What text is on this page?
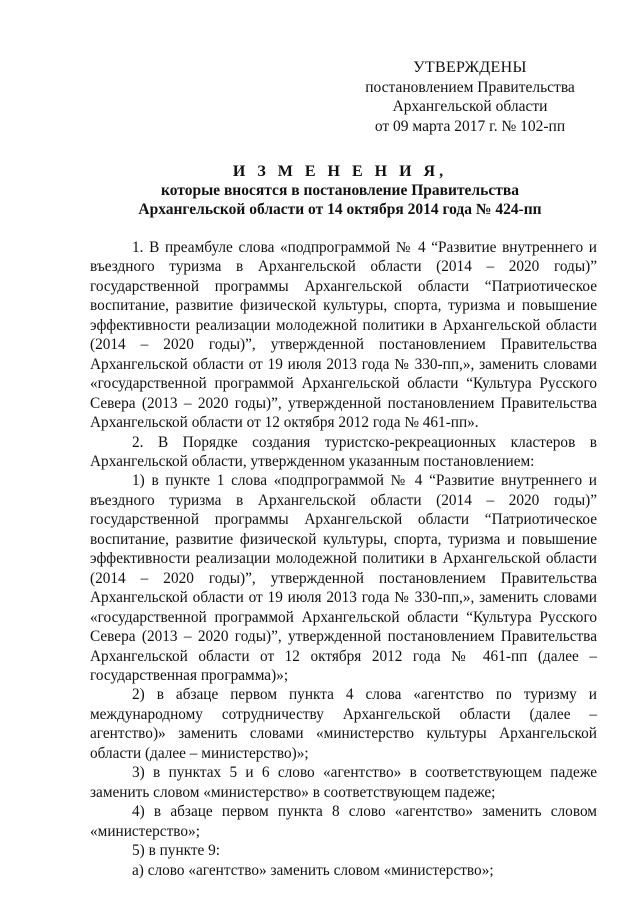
УТВЕРЖДЕНЫ
постановлением Правительства
Архангельской области
от 09 марта 2017 г. № 102-пп
И З М Е Н Е Н И Я,
которые вносятся в постановление Правительства
Архангельской области от 14 октября 2014 года № 424-пп

1. В преамбуле слова «подпрограммой № 4 “Развитие внутреннего и въездного туризма в Архангельской области (2014 – 2020 годы)” государственной программы Архангельской области “Патриотическое воспитание, развитие физической культуры, спорта, туризма и повышение эффективности реализации молодежной политики в Архангельской области (2014 – 2020 годы)”, утвержденной постановлением Правительства Архангельской области от 19 июля 2013 года № 330-пп,», заменить словами «государственной программой Архангельской области “Культура Русского Севера (2013 – 2020 годы)”, утвержденной постановлением Правительства Архангельской области от 12 октября 2012 года № 461-пп».

2. В Порядке создания туристско-рекреационных кластеров в Архангельской области, утвержденном указанным постановлением:

1) в пункте 1 слова «подпрограммой № 4 “Развитие внутреннего и въездного туризма в Архангельской области (2014 – 2020 годы)” государственной программы Архангельской области “Патриотическое воспитание, развитие физической культуры, спорта, туризма и повышение эффективности реализации молодежной политики в Архангельской области (2014 – 2020 годы)”, утвержденной постановлением Правительства Архангельской области от 19 июля 2013 года № 330-пп,», заменить словами «государственной программой Архангельской области “Культура Русского Севера (2013 – 2020 годы)”, утвержденной постановлением Правительства Архангельской области от 12 октября 2012 года № 461-пп (далее – государственная программа)»;

2) в абзаце первом пункта 4 слова «агентство по туризму и международному сотрудничеству Архангельской области (далее – агентство)» заменить словами «министерство культуры Архангельской области (далее – министерство)»;

3) в пунктах 5 и 6 слово «агентство» в соответствующем падеже заменить словом «министерство» в соответствующем падеже;

4) в абзаце первом пункта 8 слово «агентство» заменить словом «министерство»;

5) в пункте 9:

а) слово «агентство» заменить словом «министерство»;
